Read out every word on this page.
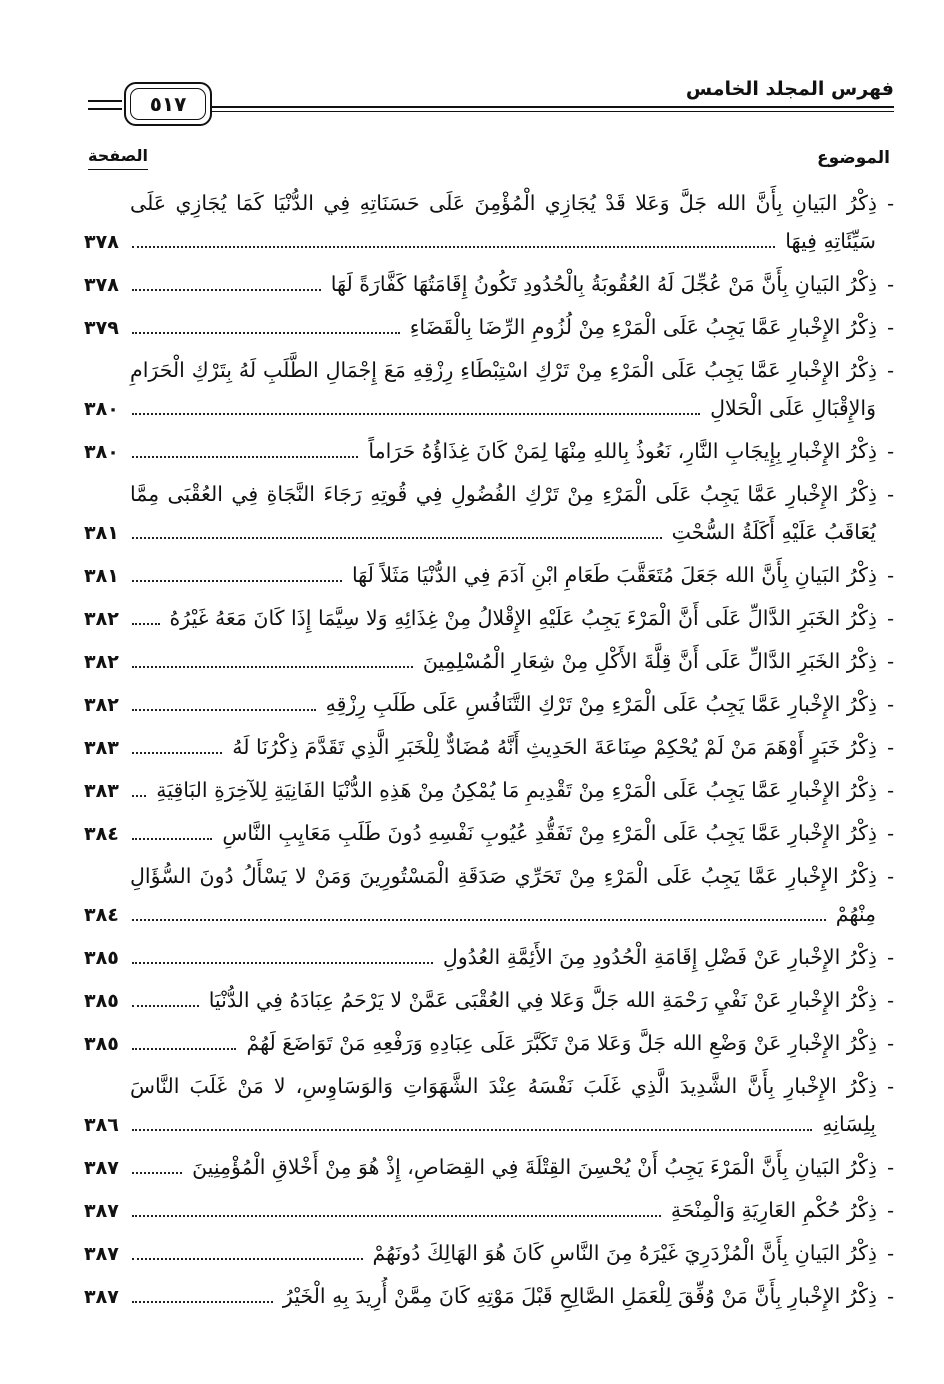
فهرس المجلد الخامس
٥١٧
الموضوع
الصفحة
-
ذِكْرُ البَيانِ بِأَنَّ الله جَلَّ وَعَلا قَدْ يُجَازِي الْمُؤْمِنَ عَلَى حَسَنَاتِهِ فِي الدُّنْيَا كَمَا يُجَازِي عَلَى
سَيِّئَاتِهِ فِيهَا
٣٧٨
-
ذِكْرُ البَيانِ بِأَنَّ مَنْ عُجِّلَ لَهُ العُقُوبَةُ بِالْحُدُودِ تَكُونُ إِقَامَتُهَا كَفَّارَةً لَهَا
٣٧٨
-
ذِكْرُ الإِخْبارِ عَمَّا يَجِبُ عَلَى الْمَرْءِ مِنْ لُزُومِ الرِّضَا بِالْقَضَاءِ
٣٧٩
-
ذِكْرُ الإِخْبارِ عَمَّا يَجِبُ عَلَى الْمَرْءِ مِنْ تَرْكِ اسْتِبْطَاءِ رِزْقِهِ مَعَ إِجْمَالِ الطَّلَبِ لَهُ بِتَرْكِ الْحَرَامِ
وَالإِقْبَالِ عَلَى الْحَلالِ
٣٨٠
-
ذِكْرُ الإِخْبارِ بِإِيجَابِ النَّارِ، نَعُوذُ بِاللهِ مِنْهَا لِمَنْ كَانَ غِذَاؤُهُ حَرَاماً
٣٨٠
-
ذِكْرُ الإِخْبارِ عَمَّا يَجِبُ عَلَى الْمَرْءِ مِنْ تَرْكِ الفُضُولِ فِي قُوتِهِ رَجَاءَ النَّجَاةِ فِي العُقْبَى مِمَّا
يُعَاقَبُ عَلَيْهِ أَكَلَةُ السُّحْتِ
٣٨١
-
ذِكْرُ البَيانِ بِأَنَّ الله جَعَلَ مُتَعَقَّبَ طَعَامِ ابْنِ آدَمَ فِي الدُّنْيَا مَثَلاً لَهَا
٣٨١
-
ذِكْرُ الخَبَرِ الدَّالِّ عَلَى أَنَّ الْمَرْءَ يَجِبُ عَلَيْهِ الإِقْلالُ مِنْ غِذَائِهِ وَلا سِيَّمَا إِذَا كَانَ مَعَهُ غَيْرُهُ
٣٨٢
-
ذِكْرُ الخَبَرِ الدَّالِّ عَلَى أَنَّ قِلَّةَ الأَكْلِ مِنْ شِعَارِ الْمُسْلِمِينَ
٣٨٢
-
ذِكْرُ الإِخْبارِ عَمَّا يَجِبُ عَلَى الْمَرْءِ مِنْ تَرْكِ التَّنَافُسِ عَلَى طَلَبِ رِزْقِهِ
٣٨٢
-
ذِكْرُ خَبَرٍ أَوْهَمَ مَنْ لَمْ يُحْكِمْ صِنَاعَةَ الحَدِيثِ أَنَّهُ مُضَادٌّ لِلْخَبَرِ الَّذِي تَقَدَّمَ ذِكْرُنَا لَهُ
٣٨٣
-
ذِكْرُ الإِخْبارِ عَمَّا يَجِبُ عَلَى الْمَرْءِ مِنْ تَقْدِيمِ مَا يُمْكِنُ مِنْ هَذِهِ الدُّنْيَا الفَانِيَةِ لِلآخِرَةِ البَاقِيَةِ
٣٨٣
-
ذِكْرُ الإِخْبارِ عَمَّا يَجِبُ عَلَى الْمَرْءِ مِنْ تَفَقُّدِ عُيُوبِ نَفْسِهِ دُونَ طَلَبِ مَعَايِبِ النَّاسِ
٣٨٤
-
ذِكْرُ الإِخْبارِ عَمَّا يَجِبُ عَلَى الْمَرْءِ مِنْ تَحَرِّي صَدَقَةِ الْمَسْتُورِينَ وَمَنْ لا يَسْأَلُ دُونَ السُّؤَالِ
مِنْهُمْ
٣٨٤
-
ذِكْرُ الإِخْبارِ عَنْ فَضْلِ إِقَامَةِ الْحُدُودِ مِنَ الأَئِمَّةِ العُدُولِ
٣٨٥
-
ذِكْرُ الإِخْبارِ عَنْ نَفْيِ رَحْمَةِ الله جَلَّ وَعَلا فِي العُقْبَى عَمَّنْ لا يَرْحَمُ عِبَادَهُ فِي الدُّنْيَا
٣٨٥
-
ذِكْرُ الإِخْبارِ عَنْ وَضْعِ الله جَلَّ وَعَلا مَنْ تَكَبَّرَ عَلَى عِبَادِهِ وَرَفْعِهِ مَنْ تَوَاضَعَ لَهُمْ
٣٨٥
-
ذِكْرُ الإِخْبارِ بِأَنَّ الشَّدِيدَ الَّذِي غَلَبَ نَفْسَهُ عِنْدَ الشَّهَوَاتِ وَالوَسَاوِسِ، لا مَنْ غَلَبَ النَّاسَ
بِلِسَانِهِ
٣٨٦
-
ذِكْرُ البَيانِ بِأَنَّ الْمَرْءَ يَجِبُ أَنْ يُحْسِنَ القِتْلَةَ فِي القِصَاصِ، إِذْ هُوَ مِنْ أَخْلاقِ الْمُؤْمِنِينَ
٣٨٧
-
ذِكْرُ حُكْمِ العَارِيَةِ وَالْمِنْحَةِ
٣٨٧
-
ذِكْرُ البَيانِ بِأَنَّ الْمُزْدَرِيَ غَيْرَهُ مِنَ النَّاسِ كَانَ هُوَ الهَالِكَ دُونَهُمْ
٣٨٧
-
ذِكْرُ الإِخْبارِ بِأَنَّ مَنْ وُفِّقَ لِلْعَمَلِ الصَّالِحِ قَبْلَ مَوْتِهِ كَانَ مِمَّنْ أُرِيدَ بِهِ الْخَيْرُ
٣٨٧
